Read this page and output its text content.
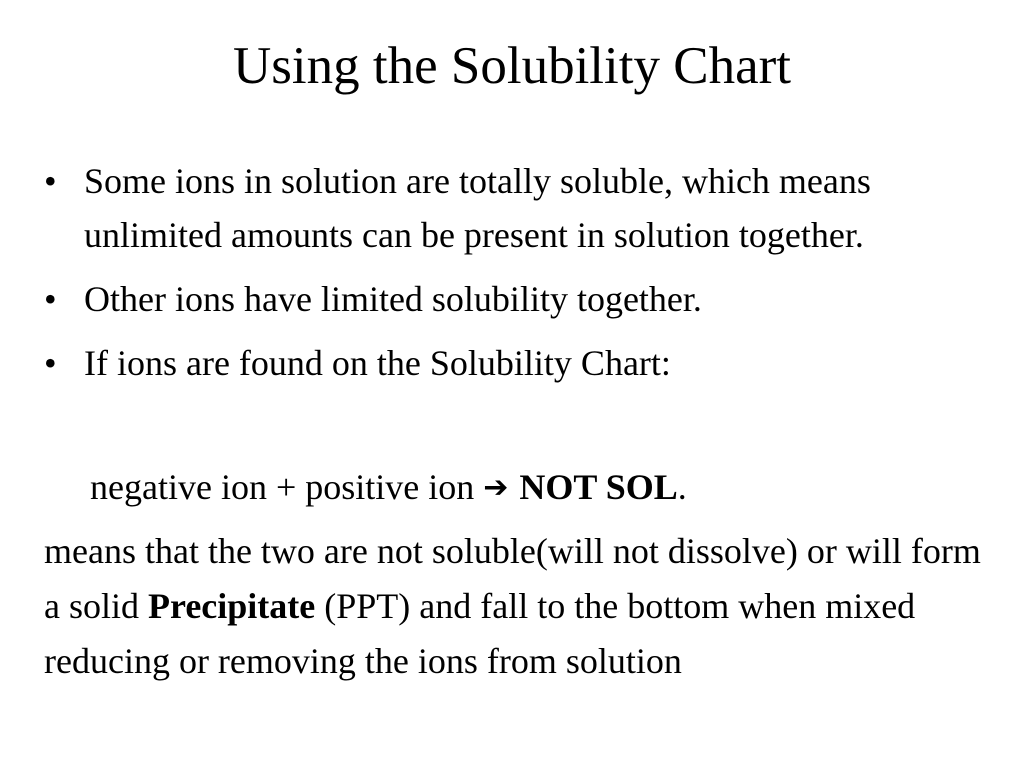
Using the Solubility Chart
• Some ions in solution are totally soluble, which means unlimited amounts can be present in solution together.
• Other ions have limited solubility together.
• If ions are found on the Solubility Chart:
negative ion + positive ion ➔ NOT SOL.
means that the two are not soluble(will not dissolve) or will form a solid Precipitate (PPT) and fall to the bottom when mixed reducing or removing the ions from solution
